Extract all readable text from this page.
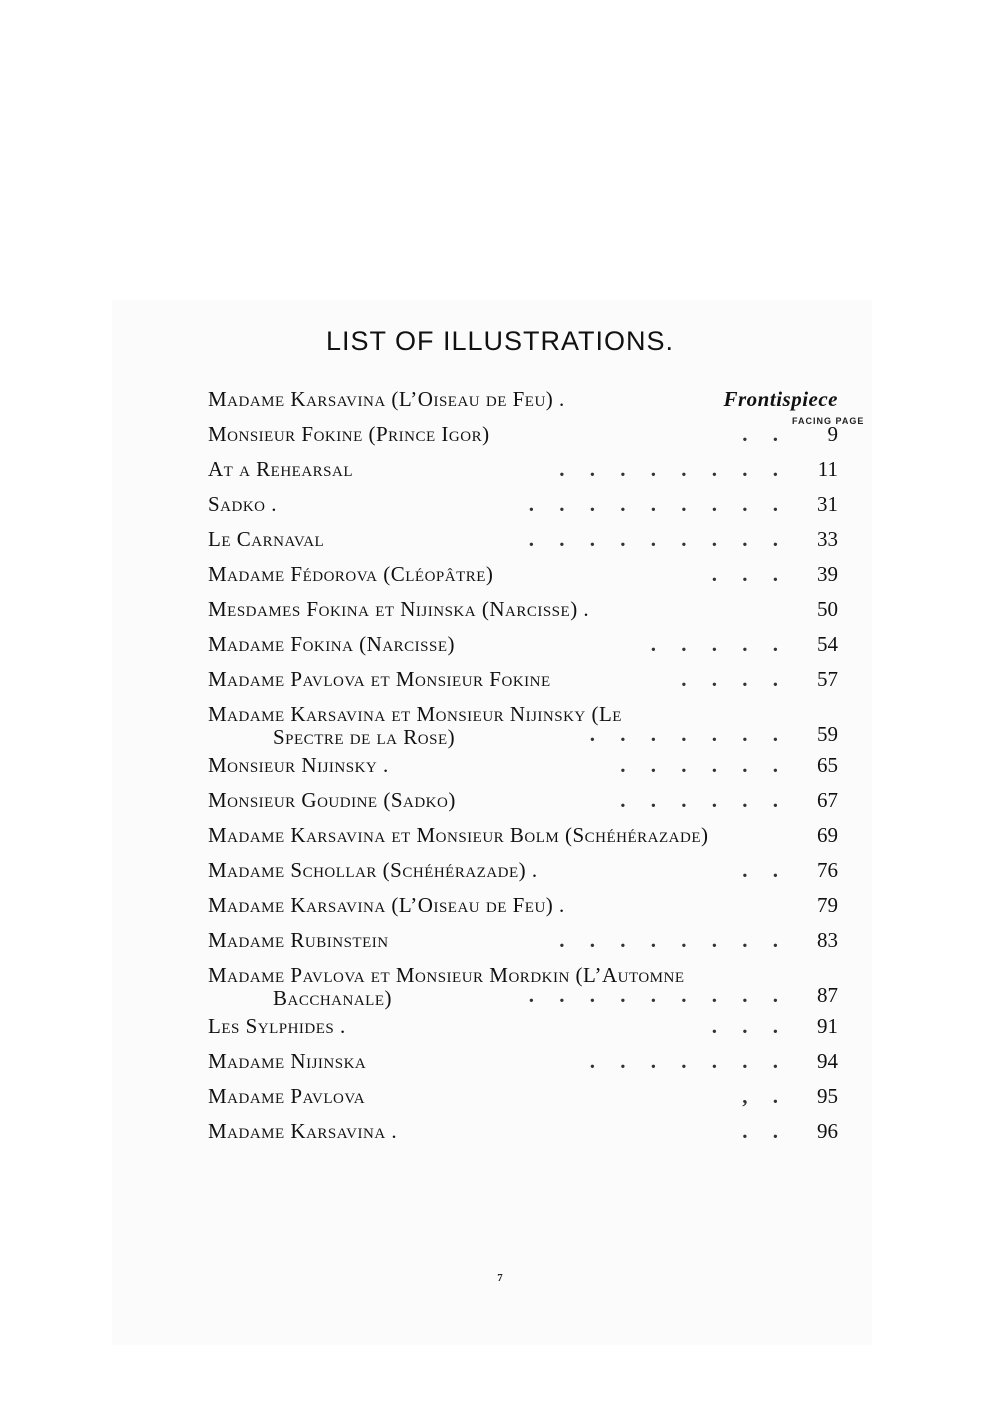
LIST OF ILLUSTRATIONS.
FACING PAGE
Madame Karsavina (L’Oiseau de Feu) .	Frontispiece
Monsieur Fokine (Prince Igor)	. .	9
At a Rehearsal	. . . . . . . .	11
Sadko .	. . . . . . . . .	31
Le Carnaval	. . . . . . . . .	33
Madame Fédorova (Cléopâtre)	. . .	39
Mesdames Fokina et Nijinska (Narcisse) .	50
Madame Fokina (Narcisse)	. . . . .	54
Madame Pavlova et Monsieur Fokine	. . . .	57
Madame Karsavina et Monsieur Nijinsky (Le
Spectre de la Rose)	. . . . . . .	59
Monsieur Nijinsky .	. . . . . .	65
Monsieur Goudine (Sadko)	. . . . . .	67
Madame Karsavina et Monsieur Bolm (Schéhérazade)	69
Madame Schollar (Schéhérazade) .	. .	76
Madame Karsavina (L’Oiseau de Feu) .	79
Madame Rubinstein	. . . . . . . .	83
Madame Pavlova et Monsieur Mordkin (L’Automne
Bacchanale)	. . . . . . . . .	87
Les Sylphides .	. . .	91
Madame Nijinska	. . . . . . .	94
Madame Pavlova	, .	95
Madame Karsavina .	. .	96
7
